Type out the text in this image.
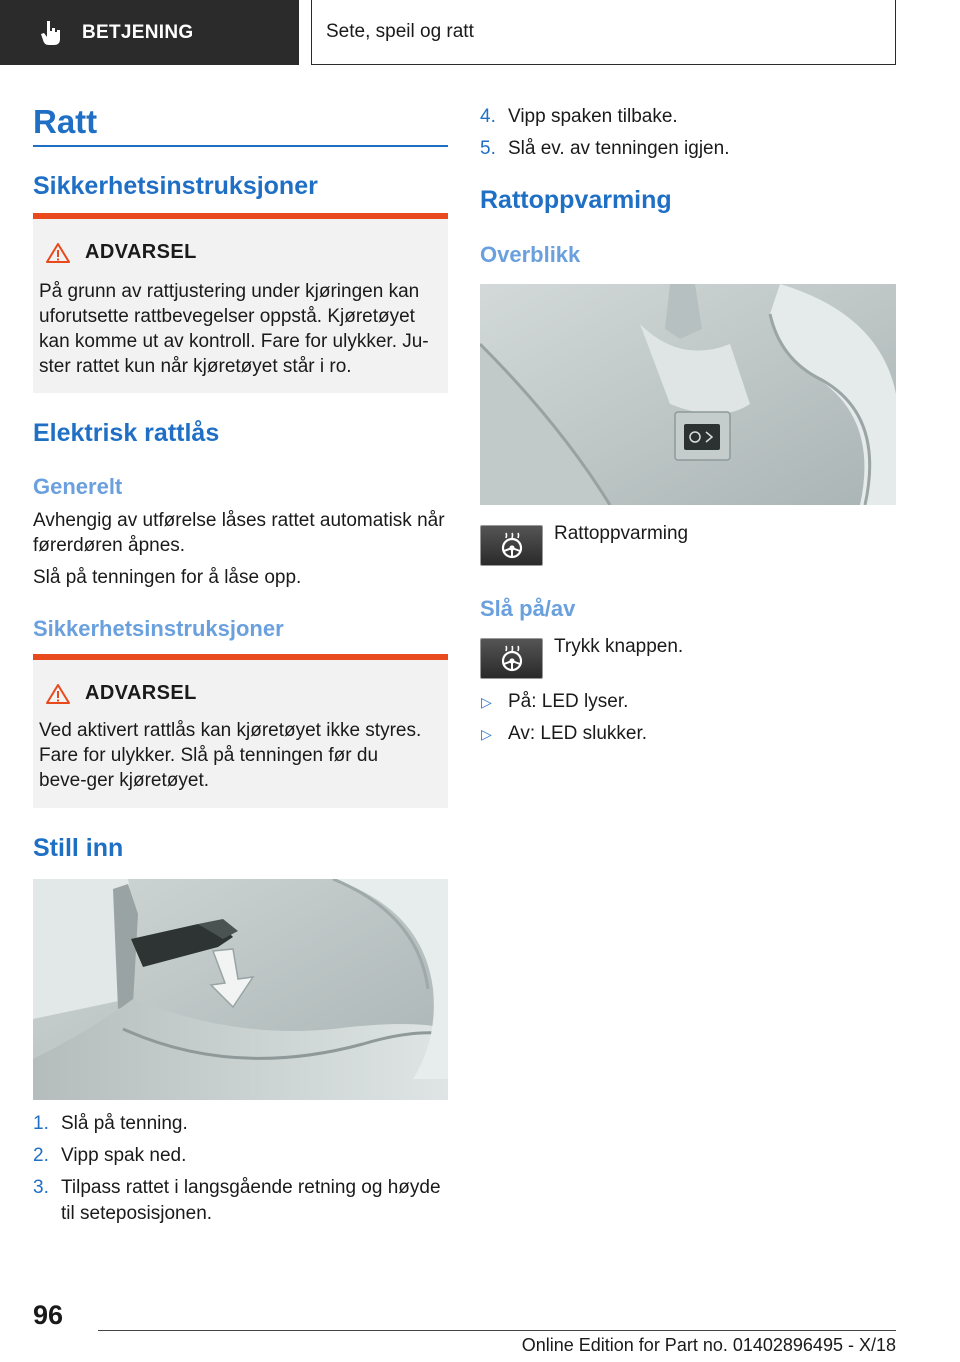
BETJENING	Sete, speil og ratt
Ratt
Sikkerhetsinstruksjoner
ADVARSEL
På grunn av rattjustering under kjøringen kan uforutsette rattbevegelser oppstå. Kjøretøyet kan komme ut av kontroll. Fare for ulykker. Ju-ster rattet kun når kjøretøyet står i ro.
Elektrisk rattlås
Generelt
Avhengig av utførelse låses rattet automatisk når førerdøren åpnes.
Slå på tenningen for å låse opp.
Sikkerhetsinstruksjoner
ADVARSEL
Ved aktivert rattlås kan kjøretøyet ikke styres. Fare for ulykker. Slå på tenningen før du beve-ger kjøretøyet.
Still inn
1. Slå på tenning.
2. Vipp spak ned.
3. Tilpass rattet i langsgående retning og høyde til seteposisjonen.
4. Vipp spaken tilbake.
5. Slå ev. av tenningen igjen.
Rattoppvarming
Overblikk
Rattoppvarming
Slå på/av
Trykk knappen.
▷ På: LED lyser.
▷ Av: LED slukker.
96
Online Edition for Part no. 01402896495 - X/18
